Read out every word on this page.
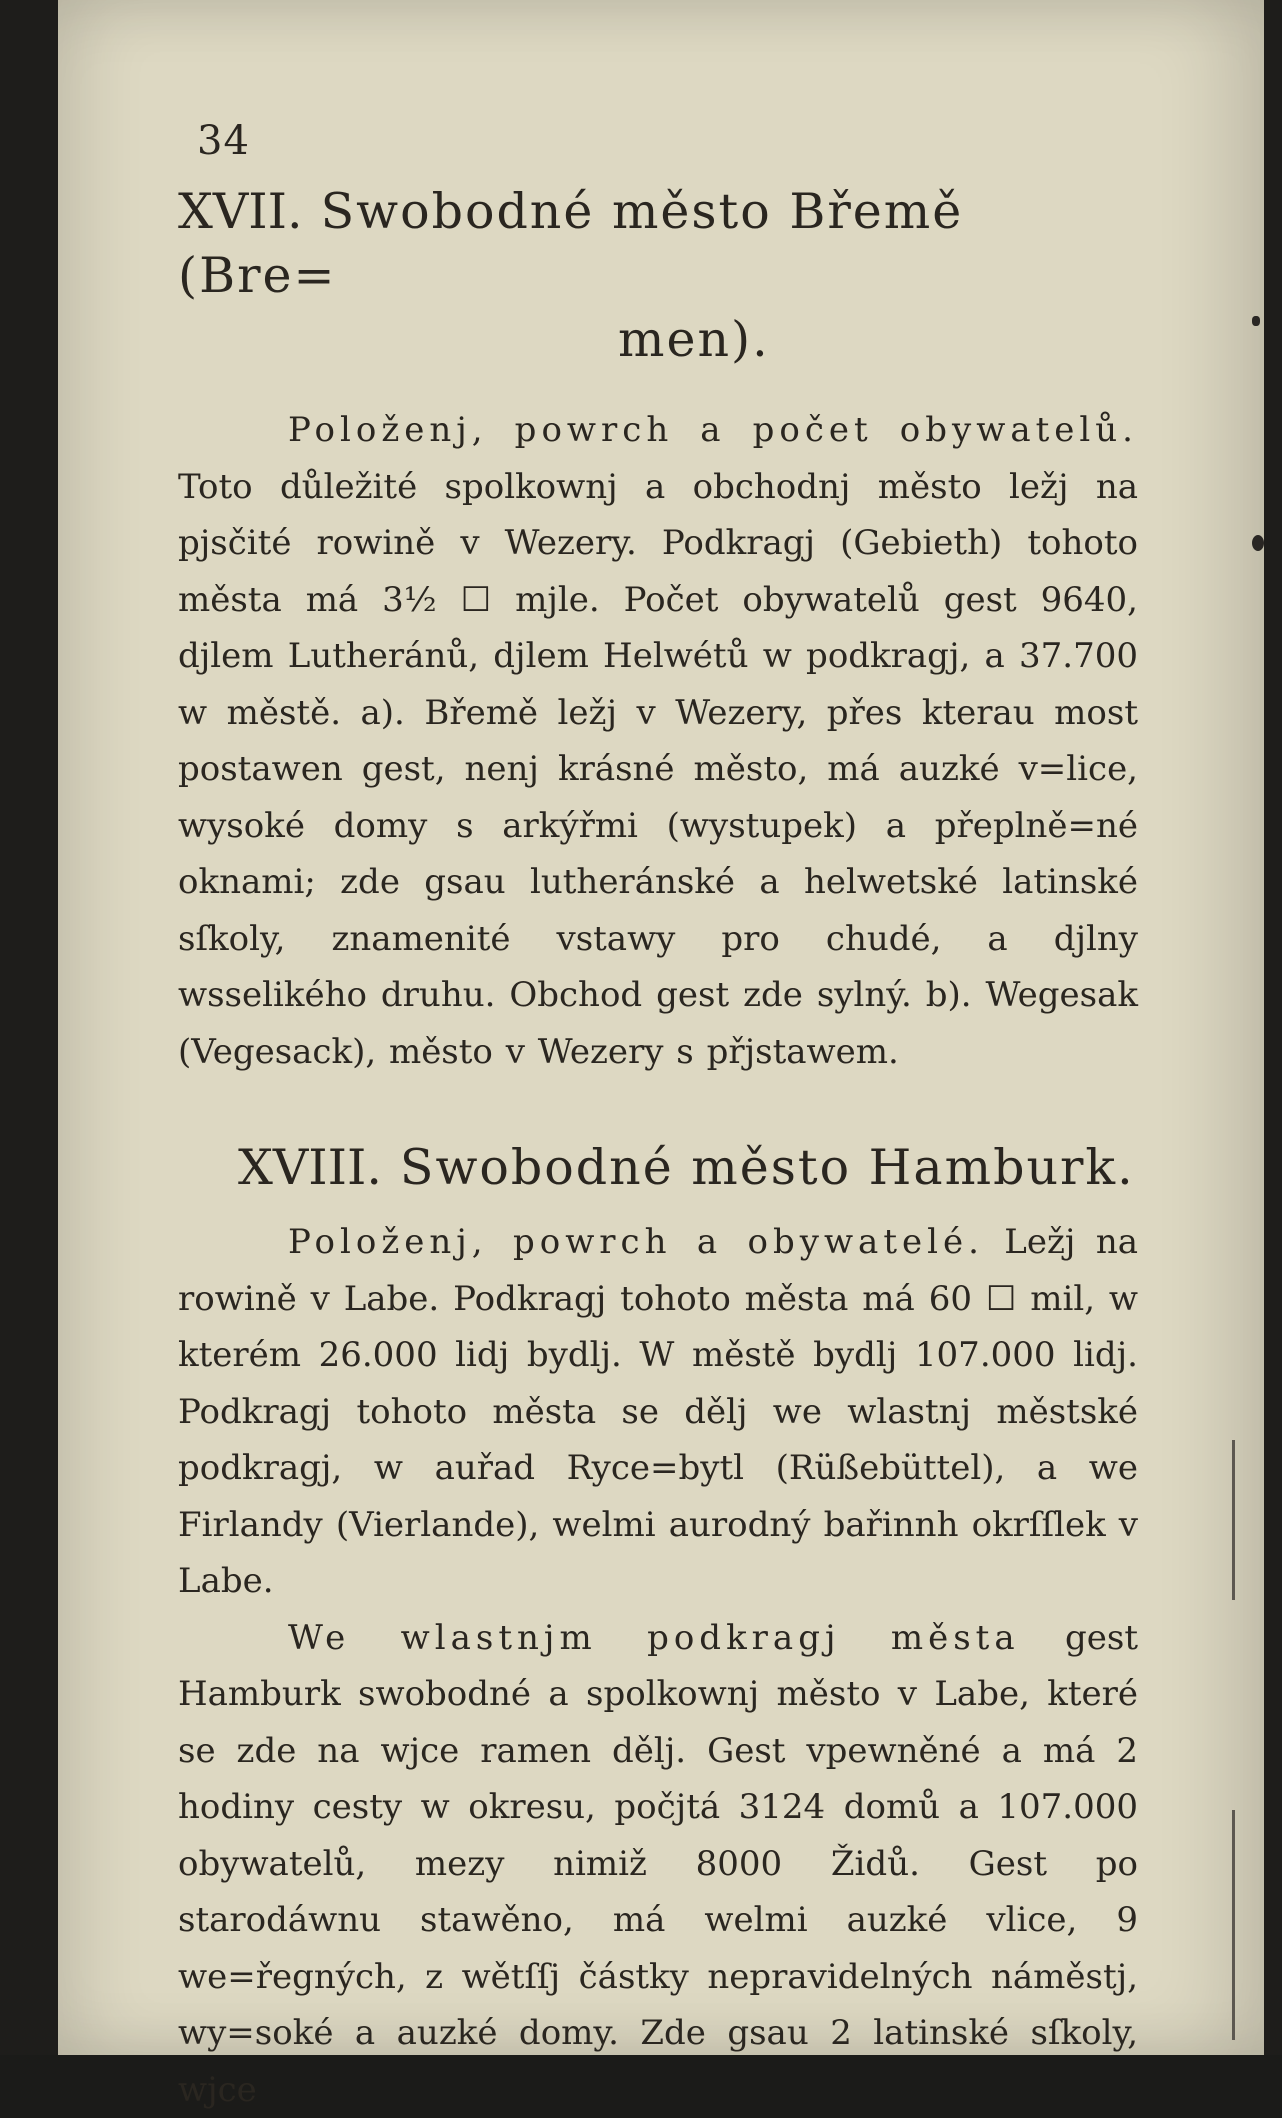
34
XVII. Swobodné město Břemě (Bre=
men).

Položenj, powrch a počet obywatelů. Toto důležité spolkownj a obchodnj město ležj na pjsčité rowině v Wezery. Podkragj (Gebieth) tohoto města má 3½ ☐ mjle. Počet obywatelů gest 9640, djlem Lutheránů, djlem Helwétů w podkragj, a 37.700 w městě. a). Břemě ležj v Wezery, přes kterau most postawen gest, nenj krásné město, má auzké v=lice, wysoké domy s arkýřmi (wystupek) a přeplně=né oknami; zde gsau lutheránské a helwetské latinské sſkoly, znamenité vstawy pro chudé, a djlny wsselikého druhu. Obchod gest zde sylný. b). Wegesak (Vegesack), město v Wezery s přjstawem.

XVIII. Swobodné město Hamburk.

Položenj, powrch a obywatelé. Ležj na rowině v Labe. Podkragj tohoto města má 60 ☐ mil, w kterém 26.000 lidj bydlj. W městě bydlj 107.000 lidj. Podkragj tohoto města se dělj we wlastnj městské podkragj, w auřad Ryce=bytl (Rüßebüttel), a we Firlandy (Vierlande), welmi aurodný bařinnh okrſſlek v Labe.

We wlastnjm podkragj města gest Hamburk swobodné a spolkownj město v Labe, které se zde na wjce ramen dělj. Gest vpewněné a má 2 hodiny cesty w okresu, počjtá 3124 domů a 107.000 obywatelů, mezy nimiž 8000 Židů. Gest po starodáwnu stawěno, má welmi auzké vlice, 9 we=řegných, z wětſſj částky nepravidelných náměstj, wy=soké a auzké domy. Zde gsau 2 latinské sſkoly, wjce
